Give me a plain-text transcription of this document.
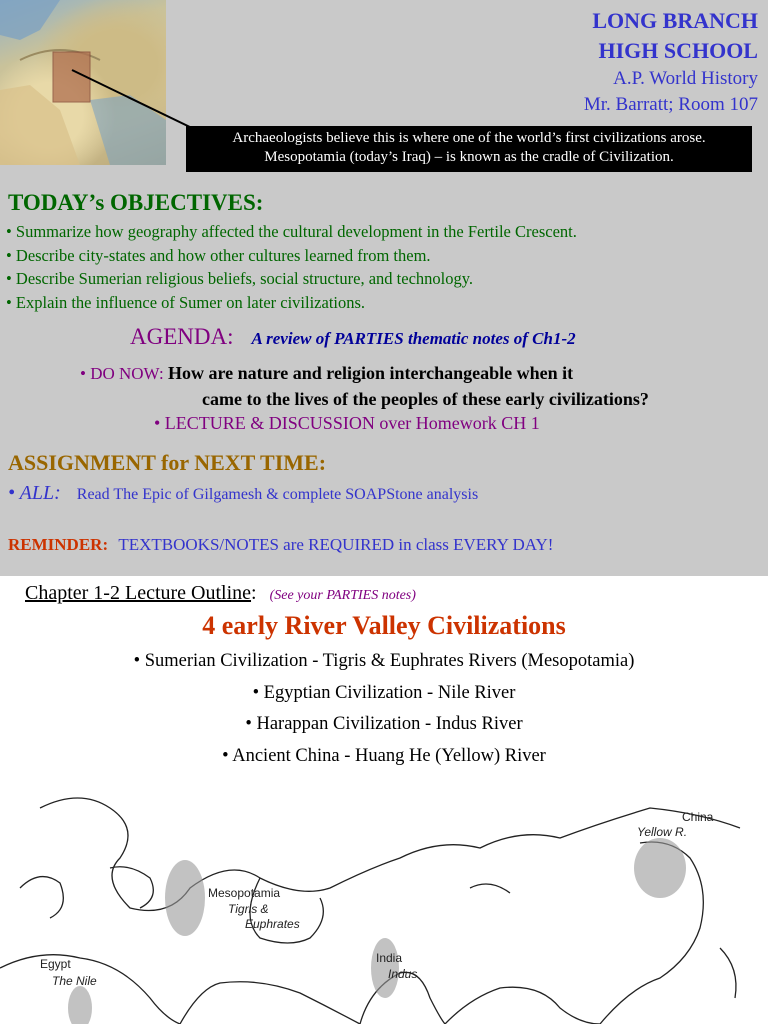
LONG BRANCH
HIGH SCHOOL
A.P. World History
Mr. Barratt; Room 107
Archaeologists believe this is where one of the world’s first civilizations arose.
Mesopotamia (today’s Iraq) – is known as the cradle of Civilization.
TODAY’s OBJECTIVES:
• Summarize how geography affected the cultural development in the Fertile Crescent.
• Describe city-states and how other cultures learned from them.
• Describe Sumerian religious beliefs, social structure, and technology.
• Explain the influence of Sumer on later civilizations.
AGENDA: A review of PARTIES thematic notes of Ch1-2
• DO NOW: How are nature and religion interchangeable when it
came to the lives of the peoples of these early civilizations?
• LECTURE & DISCUSSION over Homework CH 1
ASSIGNMENT for NEXT TIME:
• ALL: Read The Epic of Gilgamesh & complete SOAPStone analysis
REMINDER: TEXTBOOKS/NOTES are REQUIRED in class EVERY DAY!
Chapter 1-2 Lecture Outline: (See your PARTIES notes)
4 early River Valley Civilizations
• Sumerian Civilization - Tigris & Euphrates Rivers (Mesopotamia)
• Egyptian Civilization - Nile River
• Harappan Civilization - Indus River
• Ancient China - Huang He (Yellow) River
China
Yellow R.
Mesopotamia
Tigris &
Euphrates
India
Indus
Egypt
The Nile
